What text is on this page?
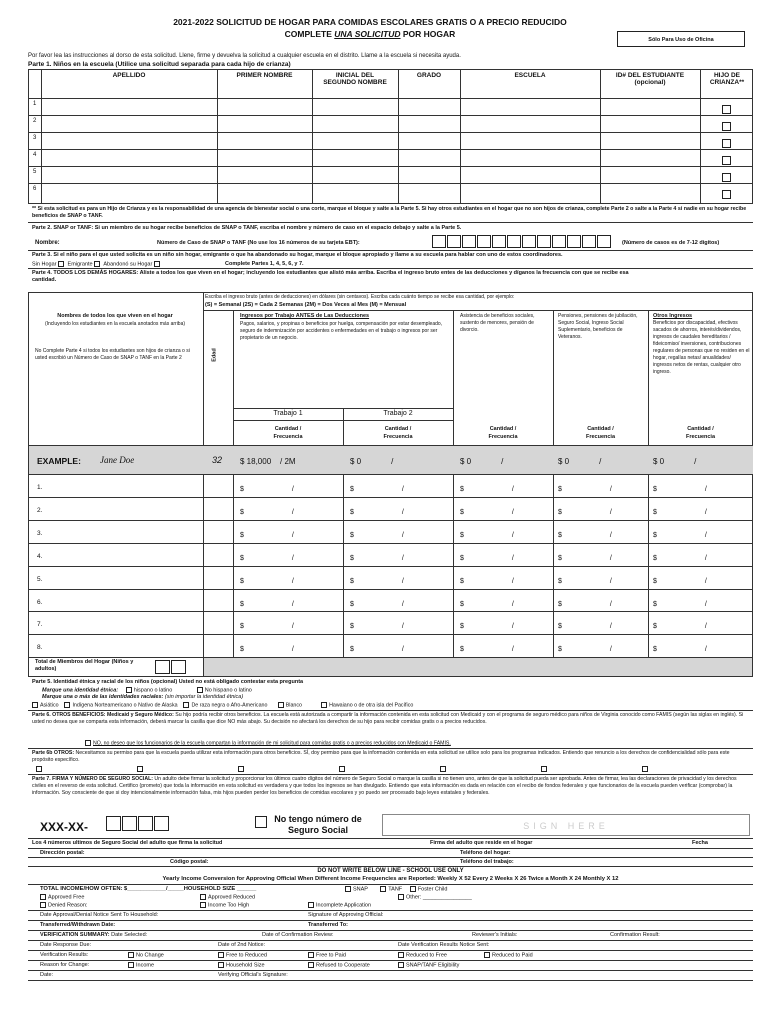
2021-2022 SOLICITUD DE HOGAR PARA COMIDAS ESCOLARES GRATIS O A PRECIO REDUCIDO
COMPLETE UNA SOLICITUD POR HOGAR
Sólo Para Uso de Oficina
Por favor lea las instrucciones al dorso de esta solicitud. Llene, firme y devuelva la solicitud a cualquier escuela en el distrito. Llame a la escuela si necesita ayuda.
Parte 1. Niños en la escuela (Utilice una solicitud separada para cada hijo de crianza)
APELLIDO	PRIMER NOMBRE	INICIAL DEL SEGUNDO NOMBRE
GRADO	ESCUELA	ID# DEL ESTUDIANTE (opcional)
HIJO DE CRIANZA**
1
2
3
4
5
6
** Si esta solicitud es para un Hijo de Crianza y es la responsabilidad de una agencia de bienestar social o una corte, marque el bloque y salte a la Parte 5. Si hay otros estudiantes en el hogar que no son hijos de crianza, complete Parte 2 o salte a la Parte 4 si nadie en su hogar recibe beneficios de SNAP o TANF.
Parte 2. SNAP or TANF: Si un miembro de su hogar recibe beneficios de SNAP o TANF, escriba el nombre y número de caso en el espacio debajo y salte a la Parte 5.
Nombre:	Número de Caso de SNAP o TANF (No use los 16 números de su tarjeta EBT):	(Número de casos es de 7-12 digitos)
Parte 3. Si el niño para el que usted solicita es un niño sin hogar, emigrante o que ha abandonado su hogar, marque el bloque apropiado y llame a su escuela para hablar con uno de estos coordinadores.
Sin Hogar Emigrante Abandonó su Hogar	Complete Partes 1, 4, 5, 6, y 7.
Parte 4. TODOS LOS DEMÁS HOGARES: Aliste a todos los que viven en el hogar; incluyendo los estudiantes que alistó más arriba. Escriba el ingreso bruto entes de las deducciones y díganos la frecuencia con que se recibe esa cantidad.
Escriba el ingreso bruto (antes de deducciones) en dólares (sin centavos). Escriba cada cuánto tiempo se recibe esa cantidad, por ejemplo:
(S) = Semanal (2S) = Cada 2 Semanas (2M) = Dos Veces al Mes (M) = Mensual
Nombres de todos los que viven en el hogar
(Incluyendo los estudiantes en la escuela anotados más arriba)
No Complete Parte 4 si todos los estudiantes son hijos de crianza o si usted escribió un Número de Caso de SNAP o TANF en la Parte 2	Edad
Ingresos por Trabajo ANTES de Las Deducciones
Pagos, salarios, y propinas o beneficios por huelga, compensación por estar desempleado, seguro de indemnización por accidentes o enfermedades en el trabajo o ingresos por ser propietario de un negocio.
Asistencia de beneficios sociales, sustento de menores, pensión de divorcio.
Pensiones, pensiones de jubilación, Seguro Social, Ingreso Social Suplementario, beneficios de Veteranos.
Otros Ingresos
Beneficios por discapacidad, efectivos sacados de ahorros, interés/dividendos, ingresos de caudales hereditarios / fideicomiso/ inversiones, contribuciones regulares de personas que no residen en el hogar, regalías netas/ anualidades/ ingresos netos de rentas, cualquier otro ingreso.
Trabajo 1	Trabajo 2
Cantidad /
Frecuencia
Cantidad /
Frecuencia
Cantidad /
Frecuencia
Cantidad /
Frecuencia
Cantidad /
Frecuencia
EXAMPLE: Jane Doe	32 $ 18,000 / 2M	$ 0	/	$ 0	/	$ 0	/	$ 0	/
1.	$	/	$	/	$	/	$	/	$	/
2.	$	/	$	/	$	/	$	/	$	/
3.	$	/	$	/	$	/	$	/	$	/
4.	$	/	$	/	$	/	$	/	$	/
5.	$	/	$	/	$	/	$	/	$	/
6.	$	/	$	/	$	/	$	/	$	/
7.	$	/	$	/	$	/	$	/	$	/
8.	$	/	$	/	$	/	$	/	$	/
Total de Miembros del Hogar (Niños y adultos)
Parte 5. Identidad étnica y racial de los niños (opcional) Usted no está obligado contestar esta pregunta
Marque una identidad étnica:	hispano o latino	No hispano o latino
Marque una o más de las identidades raciales: (sin importar la identidad étnica)
Asiático	Indígena Norteamericano o Nativo de Alaska	De raza negra o Afro-Americano	Blanco	Hawaiano o de otra isla del Pacífico
Parte 6. OTROS BENEFICIOS: Medicaid y Seguro Médico: Su hijo podría recibir otros beneficios. La escuela está autorizada a compartir la información contenida en esta solicitud con Medicaid y con el programa de seguro médico para niños de Virginia conocido como FAMIS (según las siglas en inglés). Si usted no desea que se comparta esta información, deberá marcar la casilla que dice NO más abajo. Su decisión no afectará los derechos de su hijo para recibir comidas gratis o a precios reducidos.
NO, no deseo que los funcionarios de la escuela compartan la información de mi solicitud para comidas gratis o a precios reducidos con Medicaid o FAMIS.
Parte 6b OTROS: Necesitamos su permiso para que la escuela pueda utilizar esta información para otros beneficios. SÍ, doy permiso para que la información contenida en esta solicitud se utilice solo para los programas indicados. Entiendo que renuncio a los derechos de confidencialidad sólo para este propósito específico.
Parte 7. FIRMA Y NÚMERO DE SEGURO SOCIAL: Un adulto debe firmar la solicitud y proporcionar los últimos cuatro dígitos del número de Seguro Social o marque la casilla si no tienen uno, antes de que la solicitud pueda ser aprobada. Antes de firmar, lea las declaraciones de privacidad y los derechos civiles en el reverso de esta solicitud. Certifico (prometo) que toda la información en esta solicitud es verdadera y que todos los ingresos se han divulgado. Entiendo que esta información es dada en relación con el recibo de fondos federales y que funcionarios de la escuela pueden verificar (comprobar) la información. Soy consciente de que si doy intencionalmente información falsa, mis hijos pueden perder los beneficios de comidas escolares y yo puedo ser procesado bajo leyes estatales y federales.
XXX-XX-
No tengo número de Seguro Social	SIGN HERE
Los 4 números ultimos de Seguro Social del adulto que firma la solicitud	Firma del adulto que reside en el hogar	Fecha
Dirección postal:	Teléfono del hogar:
Código postal:	Teléfono del trabajo:
DO NOT WRITE BELOW LINE - SCHOOL USE ONLY
Yearly Income Conversion for Approving Official When Different Income Frequencies are Reported: Weekly X 52 Every 2 Weeks X 26 Twice a Month X 24 Monthly X 12
TOTAL INCOME/HOW OFTEN: $____________/_____HOUSEHOLD SIZE ______	SNAP	TANF	Foster Child
Approved Free	Approved Reduced	Other: ________________
Denied Reason:	Income Too High	Incomplete Application
Date Approval/Denial Notice Sent To Household:	Signature of Approving Official:
Transferred/Withdrawn Date:	Transferred To:
VERIFICATION SUMMARY: Date Selected:	Date of Confirmation Review:	Reviewer's Initials:	Confirmation Result:
Date Response Due:	Date of 2nd Notice:	Date Verification Results Notice Sent:
Verification Results:	No Change	Free to Reduced	Free to Paid	Reduced to Free	Reduced to Paid
Reason for Change:	Income	Household Size	Refused to Cooperate	SNAP/TANF Eligibility
Date:	Verifying Official's Signature:
